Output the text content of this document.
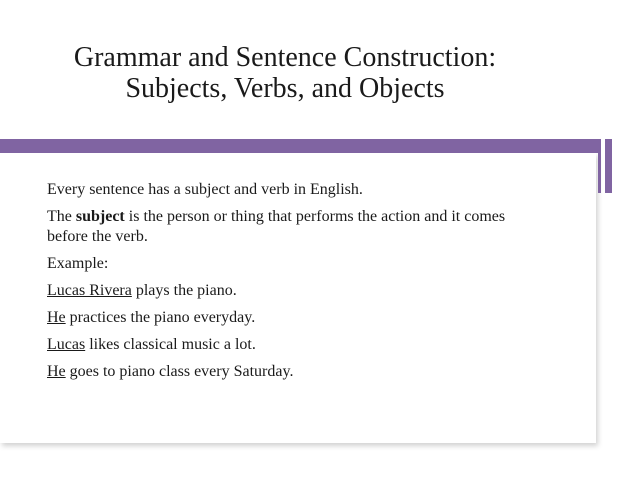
Grammar and Sentence Construction:
Subjects, Verbs, and Objects

Every sentence has a subject and verb in English.

The subject is the person or thing that performs the action and it comes before the verb.

Example:

Lucas Rivera plays the piano.

He practices the piano everyday.

Lucas likes classical music a lot.

He goes to piano class every Saturday.
